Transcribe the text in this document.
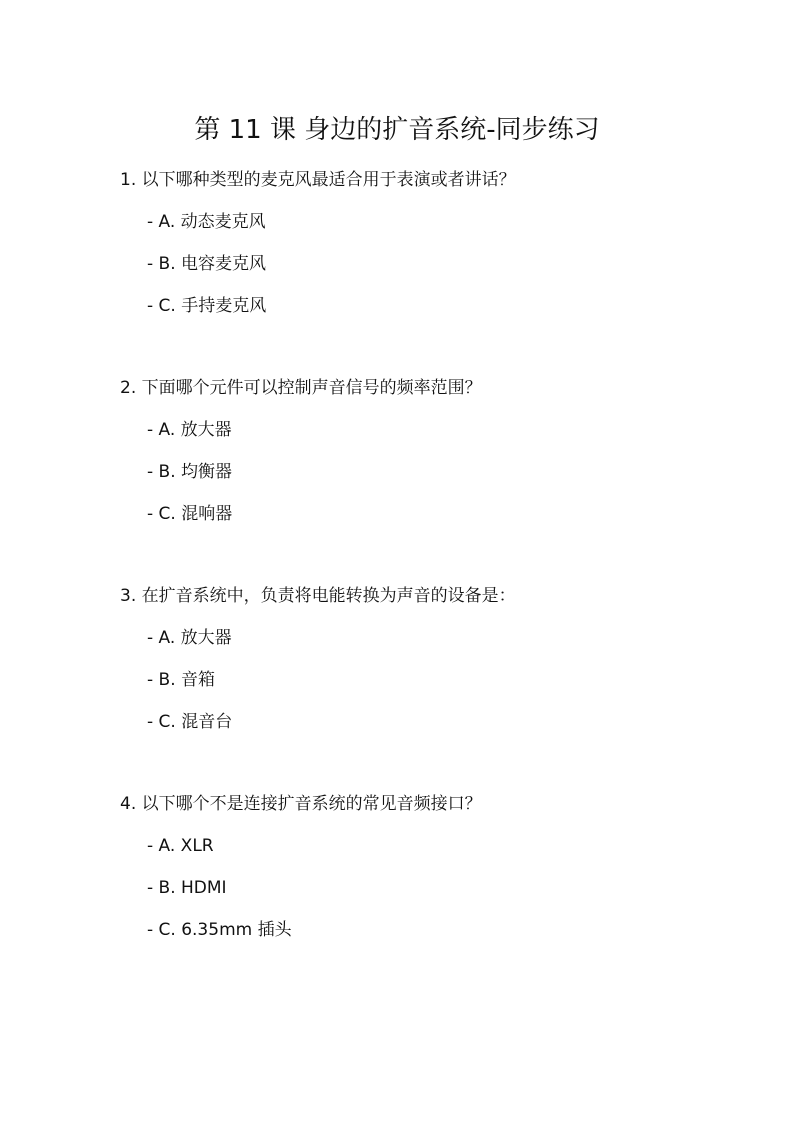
第 11 课 身边的扩音系统-同步练习

1. 以下哪种类型的麦克风最适合用于表演或者讲话？

- A. 动态麦克风

- B. 电容麦克风

- C. 手持麦克风

2. 下面哪个元件可以控制声音信号的频率范围？

- A. 放大器

- B. 均衡器

- C. 混响器

3. 在扩音系统中，负责将电能转换为声音的设备是：

- A. 放大器

- B. 音箱

- C. 混音台

4. 以下哪个不是连接扩音系统的常见音频接口？

- A. XLR

- B. HDMI

- C. 6.35mm 插头
